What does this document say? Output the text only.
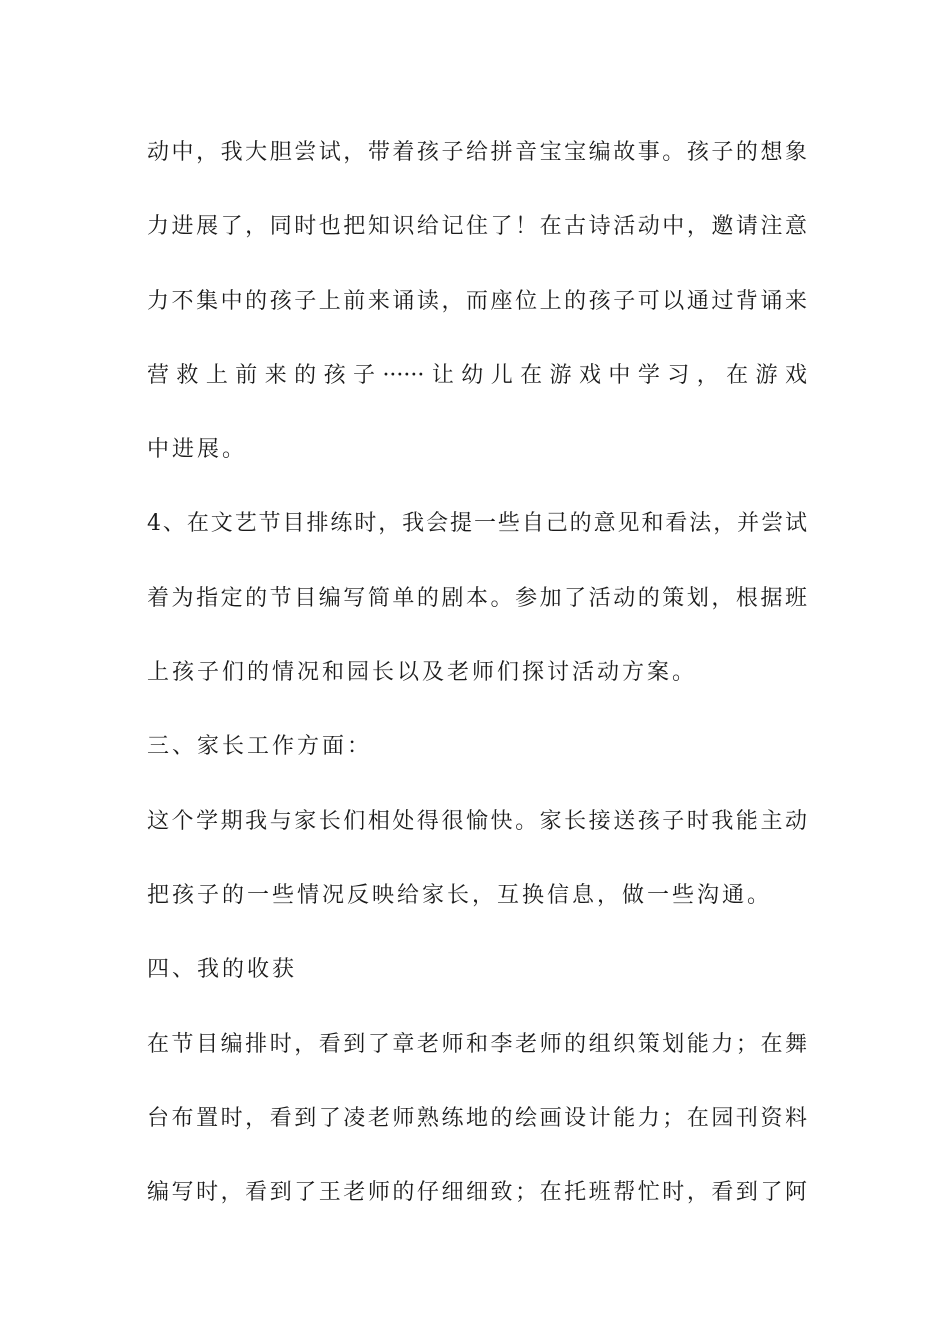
动中，我大胆尝试，带着孩子给拼音宝宝编故事。孩子的想象
力进展了，同时也把知识给记住了！在古诗活动中，邀请注意
力不集中的孩子上前来诵读，而座位上的孩子可以通过背诵来
营救上前来的孩子······让幼儿在游戏中学习，在游戏
中进展。
4、在文艺节目排练时，我会提一些自己的意见和看法，并尝试
着为指定的节目编写简单的剧本。参加了活动的策划，根据班
上孩子们的情况和园长以及老师们探讨活动方案。
三、家长工作方面：
这个学期我与家长们相处得很愉快。家长接送孩子时我能主动
把孩子的一些情况反映给家长，互换信息，做一些沟通。
四、我的收获
在节目编排时，看到了章老师和李老师的组织策划能力；在舞
台布置时，看到了凌老师熟练地的绘画设计能力；在园刊资料
编写时，看到了王老师的仔细细致；在托班帮忙时，看到了阿
